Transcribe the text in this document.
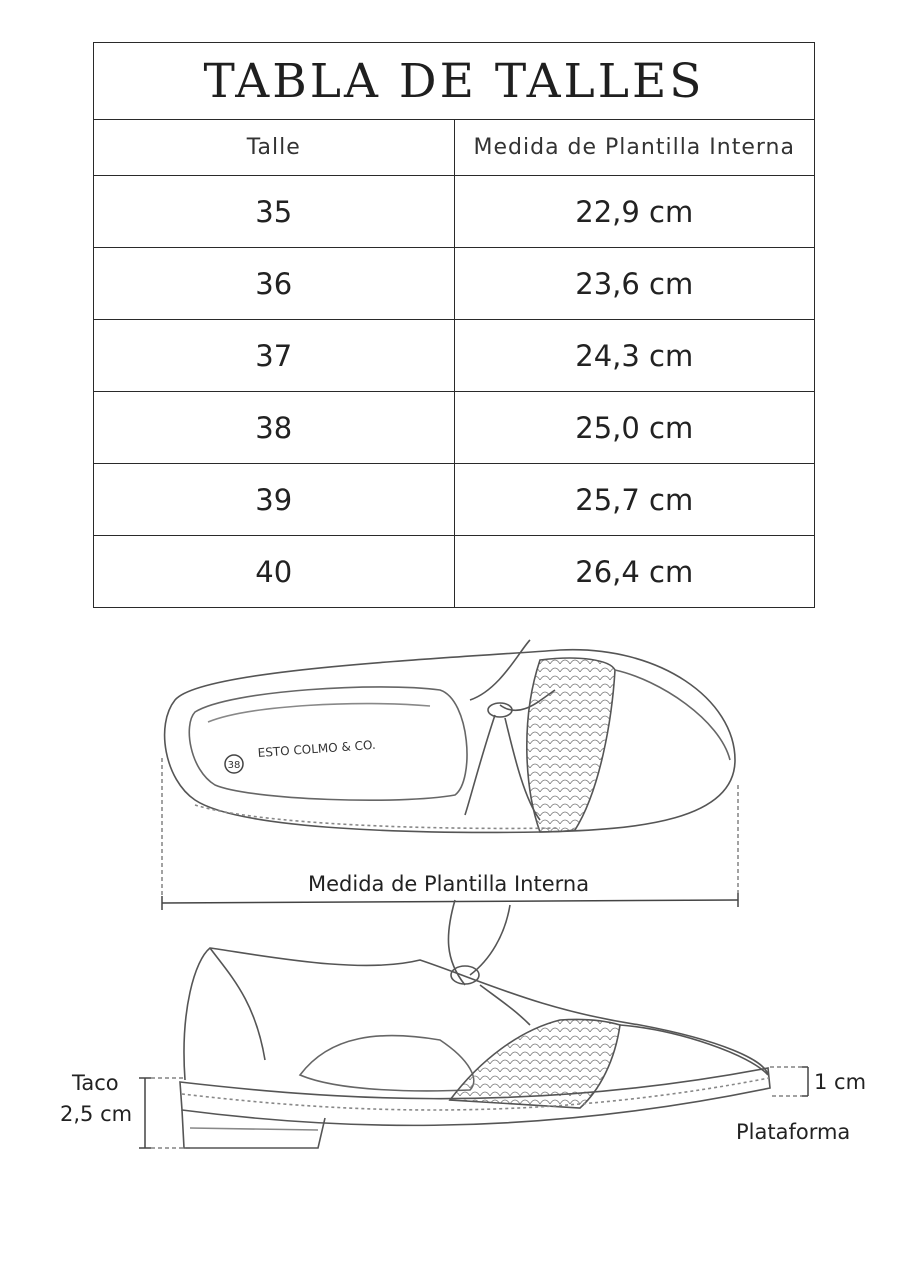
TABLA DE TALLES	
Talle	Medida de Plantilla Interna
35	22,9 cm
36	23,6 cm
37	24,3 cm
38	25,0 cm
39	25,7 cm
40	26,4 cm
38
ESTO COLMO & CO.
Medida de Plantilla Interna
Taco
2,5 cm
1 cm
Plataforma
